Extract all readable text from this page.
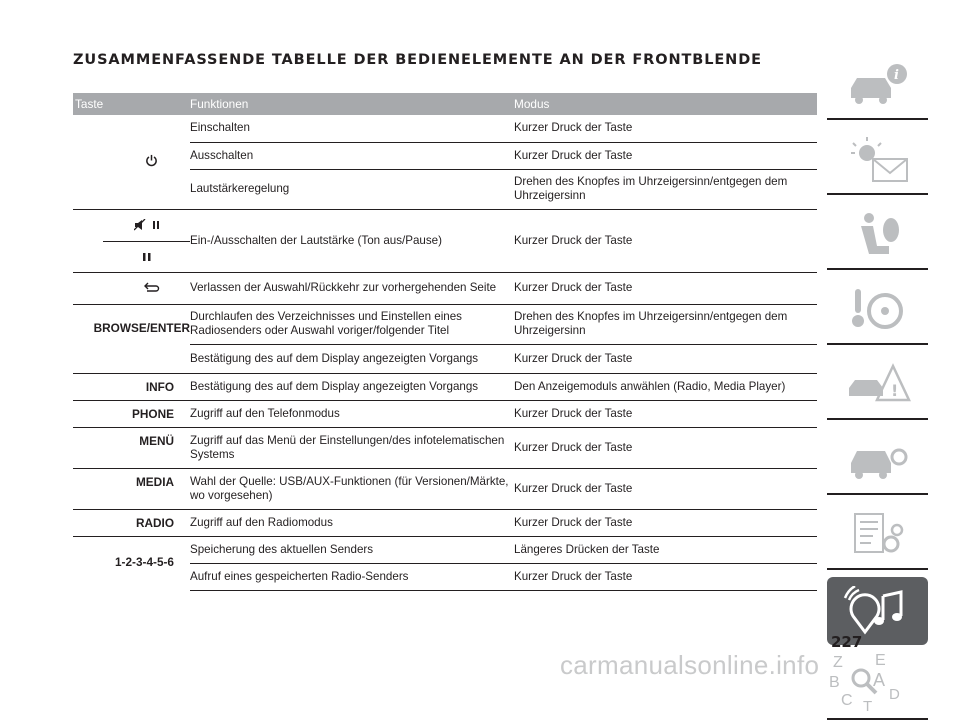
ZUSAMMENFASSENDE TABELLE DER BEDIENELEMENTE AN DER FRONTBLENDE
Taste	Funktionen	Modus
	Einschalten	Kurzer Druck der Taste
	Ausschalten	Kurzer Druck der Taste
	Lautstärkeregelung	Drehen des Knopfes im Uhrzeigersinn/entgegen dem Uhrzeigersinn

	Ein-/Ausschalten der Lautstärke (Ton aus/Pause)	Kurzer Druck der Taste
	Verlassen der Auswahl/Rückkehr zur vorhergehenden Seite	Kurzer Druck der Taste
BROWSE/ENTER	Durchlaufen des Verzeichnisses und Einstellen eines Radiosenders oder Auswahl voriger/folgender Titel	Drehen des Knopfes im Uhrzeigersinn/entgegen dem Uhrzeigersinn
	Bestätigung des auf dem Display angezeigten Vorgangs	Kurzer Druck der Taste
INFO	Bestätigung des auf dem Display angezeigten Vorgangs	Den Anzeigemoduls anwählen (Radio, Media Player)
PHONE	Zugriff auf den Telefonmodus	Kurzer Druck der Taste
MENÜ	Zugriff auf das Menü der Einstellungen/des infotelematischen Systems	Kurzer Druck der Taste
MEDIA	Wahl der Quelle: USB/AUX-Funktionen (für Versionen/Märkte, wo vorgesehen)	Kurzer Druck der Taste
RADIO	Zugriff auf den Radiomodus	Kurzer Druck der Taste
1-2-3-4-5-6	Speicherung des aktuellen Senders	Längeres Drücken der Taste
	Aufruf eines gespeicherten Radio-Senders	Kurzer Druck der Taste
i
!
Z E
B A
C D
T
227
carmanualsonline.info
